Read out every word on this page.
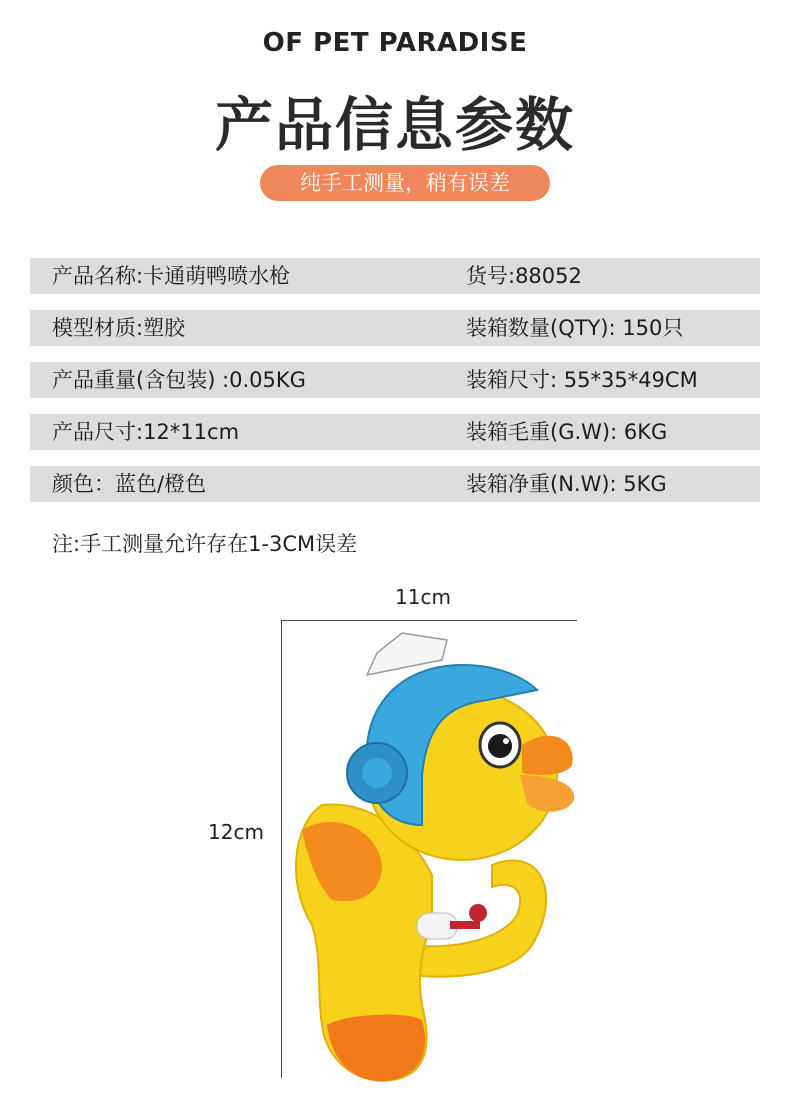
OF PET PARADISE
产品信息参数
纯手工测量，稍有误差
产品名称:卡通萌鸭喷水枪	货号:88052
模型材质:塑胶	装箱数量(QTY): 150只
产品重量(含包装) :0.05KG	装箱尺寸: 55*35*49CM
产品尺寸:12*11cm	装箱毛重(G.W): 6KG
颜色：蓝色/橙色	装箱净重(N.W): 5KG
注:手工测量允许存在1-3CM误差
11cm
12cm
